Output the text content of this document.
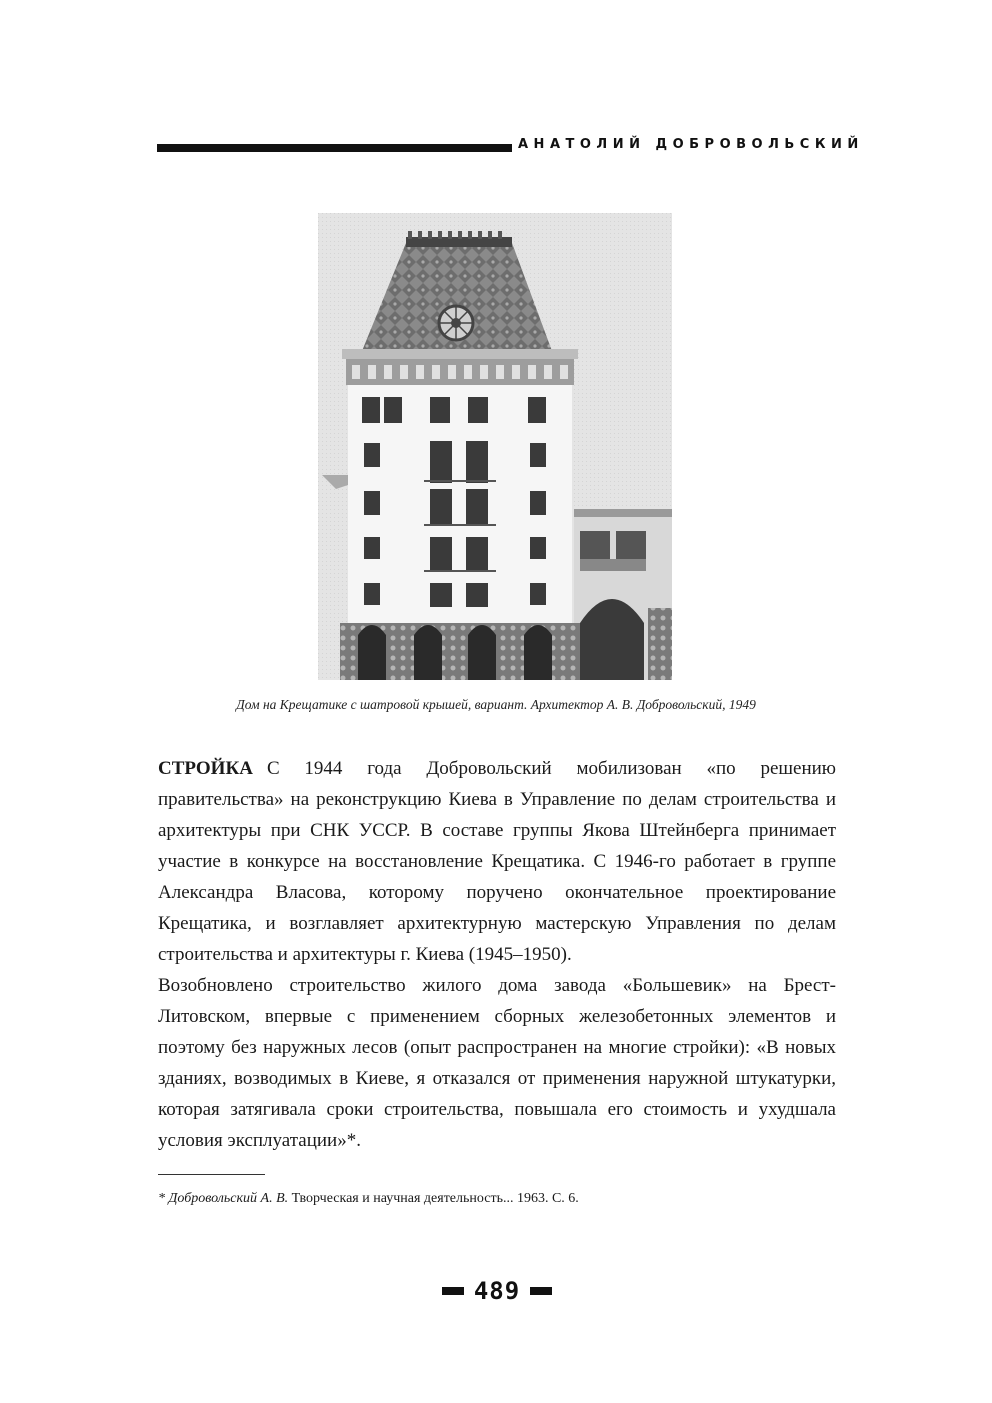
АНАТОЛИЙ ДОБРОВОЛЬСКИЙ
Дом на Крещатике с шатровой крышей, вариант. Архитектор А. В. Добровольский, 1949

СТРОЙКА С 1944 года Добровольский мобилизован «по решению правительства» на реконструкцию Киева в Управление по делам строительства и архитектуры при СНК УССР. В составе группы Якова Штейнберга принимает участие в конкурсе на восстановление Крещатика. С 1946-го работает в группе Александра Власова, которому поручено окончательное проектирование Крещатика, и возглавляет архитектурную мастерскую Управления по делам строительства и архитектуры г. Киева (1945–1950).

Возобновлено строительство жилого дома завода «Большевик» на Брест-Литовском, впервые с применением сборных железобетонных элементов и поэтому без наружных лесов (опыт распространен на многие стройки): «В новых зданиях, возводимых в Киеве, я отказался от применения наружной штукатурки, которая затягивала сроки строительства, повышала его стоимость и ухудшала условия эксплуатации»*.

* Добровольский А. В. Творческая и научная деятельность... 1963. С. 6.
489
